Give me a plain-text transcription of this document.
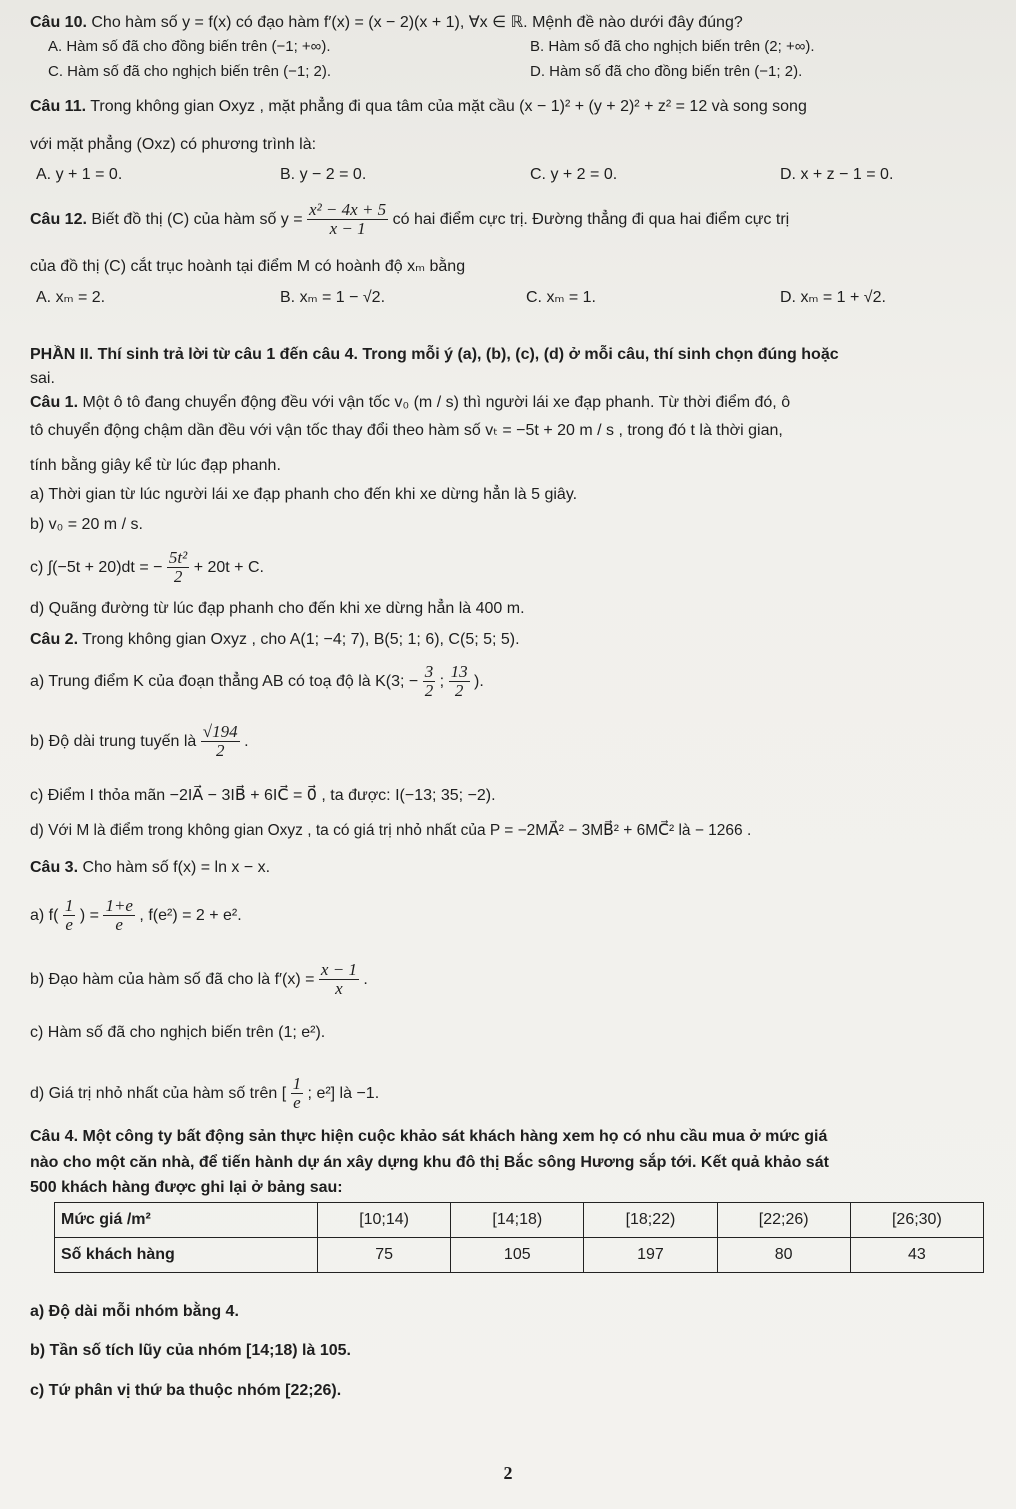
Câu 10. Cho hàm số y = f(x) có đạo hàm f′(x) = (x − 2)(x + 1), ∀x ∈ ℝ. Mệnh đề nào dưới đây đúng?
A. Hàm số đã cho đồng biến trên (−1; +∞).	B. Hàm số đã cho nghịch biến trên (2; +∞).
C. Hàm số đã cho nghịch biến trên (−1; 2).	D. Hàm số đã cho đồng biến trên (−1; 2).
Câu 11. Trong không gian Oxyz , mặt phẳng đi qua tâm của mặt cầu (x − 1)² + (y + 2)² + z² = 12 và song song
với mặt phẳng (Oxz) có phương trình là:
A. y + 1 = 0.	B. y − 2 = 0.	C. y + 2 = 0.	D. x + z − 1 = 0.
Câu 12. Biết đồ thị (C) của hàm số $y = \frac{\text{x² − 4x + 5}}{x - 1}$ có hai điểm cực trị. Đường thẳng đi qua hai điểm cực trị
của đồ thị (C) cắt trục hoành tại điểm M có hoành độ xₘ bằng
A. xₘ = 2.	B. xₘ = 1 − √2.	C. xₘ = 1.	D. xₘ = 1 + √2.
PHẦN II. Thí sinh trả lời từ câu 1 đến câu 4. Trong mỗi ý (a), (b), (c), (d) ở mỗi câu, thí sinh chọn đúng hoặc
sai.
Câu 1. Một ô tô đang chuyển động đều với vận tốc v₀ (m / s) thì người lái xe đạp phanh. Từ thời điểm đó, ô
tô chuyển động chậm dần đều với vận tốc thay đổi theo hàm số vₜ = −5t + 20 m / s , trong đó t là thời gian,
tính bằng giây kể từ lúc đạp phanh.
a) Thời gian từ lúc người lái xe đạp phanh cho đến khi xe dừng hẳn là 5 giây.
b) v₀ = 20 m / s.
c) ∫(−5t + 20)dt = − $\frac{\text{5t²}}{2} + 20t + C$.
d) Quãng đường từ lúc đạp phanh cho đến khi xe dừng hẳn là 400 m.
Câu 2. Trong không gian Oxyz , cho A(1; −4; 7), B(5; 1; 6), C(5; 5; 5).
a) Trung điểm K của đoạn thẳng AB có toạ độ là K(3; − $\frac{3}{2}$ ; $\frac{13}{2}$ ).
b) Độ dài trung tuyến là $\frac{√194}{2}$ .
c) Điểm I thỏa mãn −2IA⃗ − 3IB⃗ + 6IC⃗ = 0⃗ , ta được: I(−13; 35; −2).
d) Với M là điểm trong không gian Oxyz , ta có giá trị nhỏ nhất của P = −2MA⃗² − 3MB⃗² + 6MC⃗² là − 1266 .
Câu 3. Cho hàm số f(x) = ln x − x.
a) $f( \frac{1}{e}$ ) = $\frac{1+e}{e}$ , f(e²) = 2 + e².
b) Đạo hàm của hàm số đã cho là $f'(x) = \frac{x - 1}{x}$ .
c) Hàm số đã cho nghịch biến trên (1; e²).
d) Giá trị nhỏ nhất của hàm số trên [ $\frac{1}{e}$ ; e²] là −1.
Câu 4. Một công ty bất động sản thực hiện cuộc khảo sát khách hàng xem họ có nhu cầu mua ở mức giá
nào cho một căn nhà, để tiến hành dự án xây dựng khu đô thị Bắc sông Hương sắp tới. Kết quả khảo sát
500 khách hàng được ghi lại ở bảng sau:
Mức giá /m²	[10;14)	[14;18)	[18;22)	[22;26)	[26;30)
Số khách hàng	75	105	197	80	43
a) Độ dài mỗi nhóm bằng 4.
b) Tần số tích lũy của nhóm [14;18) là 105.
c) Tứ phân vị thứ ba thuộc nhóm [22;26).
2
